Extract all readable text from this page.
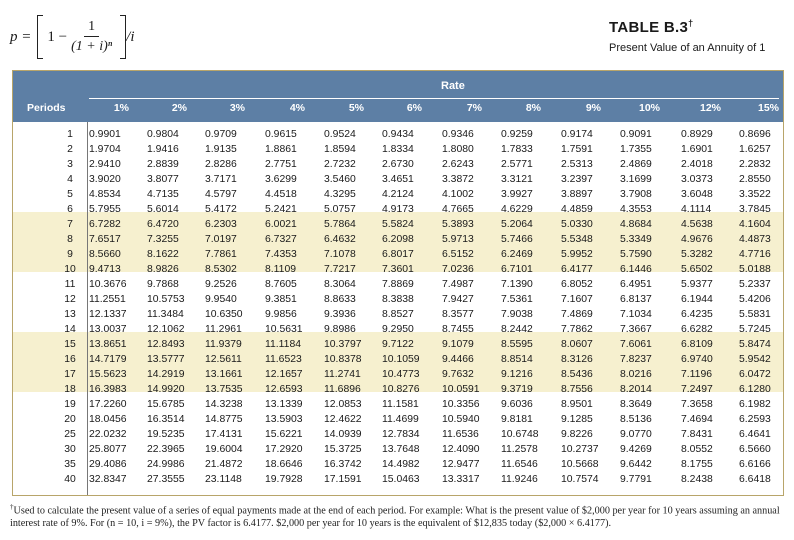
$p = 1 - \frac{1}{\text{(1 + i)ⁿ}} /i$
TABLE B.3†
Present Value of an Annuity of 1
Rate
Periods	1%	2%	3%	4%	5%	6%	7%	8%	9%	10%	12%	15%
1	0.9901	0.9804	0.9709	0.9615	0.9524	0.9434	0.9346	0.9259	0.9174	0.9091	0.8929	0.8696
2	1.9704	1.9416	1.9135	1.8861	1.8594	1.8334	1.8080	1.7833	1.7591	1.7355	1.6901	1.6257
3	2.9410	2.8839	2.8286	2.7751	2.7232	2.6730	2.6243	2.5771	2.5313	2.4869	2.4018	2.2832
4	3.9020	3.8077	3.7171	3.6299	3.5460	3.4651	3.3872	3.3121	3.2397	3.1699	3.0373	2.8550
5	4.8534	4.7135	4.5797	4.4518	4.3295	4.2124	4.1002	3.9927	3.8897	3.7908	3.6048	3.3522
6	5.7955	5.6014	5.4172	5.2421	5.0757	4.9173	4.7665	4.6229	4.4859	4.3553	4.1114	3.7845
7	6.7282	6.4720	6.2303	6.0021	5.7864	5.5824	5.3893	5.2064	5.0330	4.8684	4.5638	4.1604
8	7.6517	7.3255	7.0197	6.7327	6.4632	6.2098	5.9713	5.7466	5.5348	5.3349	4.9676	4.4873
9	8.5660	8.1622	7.7861	7.4353	7.1078	6.8017	6.5152	6.2469	5.9952	5.7590	5.3282	4.7716
10	9.4713	8.9826	8.5302	8.1109	7.7217	7.3601	7.0236	6.7101	6.4177	6.1446	5.6502	5.0188
11	10.3676 9.7868	9.2526	8.7605	8.3064	7.8869	7.4987	7.1390	6.8052	6.4951	5.9377	5.2337
12	11.2551 10.5753 9.9540	9.3851	8.8633	8.3838	7.9427	7.5361	7.1607	6.8137	6.1944	5.4206
13	12.1337 11.3484 10.6350 9.9856	9.3936	8.8527	8.3577	7.9038	7.4869	7.1034	6.4235	5.5831
14	13.0037 12.1062 11.2961 10.5631 9.8986	9.2950	8.7455	8.2442	7.7862	7.3667	6.6282	5.7245
15	13.8651 12.8493 11.9379 11.1184 10.3797 9.7122	9.1079	8.5595	8.0607	7.6061	6.8109	5.8474
16	14.7179 13.5777 12.5611 11.6523 10.8378 10.1059 9.4466	8.8514	8.3126	7.8237	6.9740	5.9542
17	15.5623 14.2919 13.1661 12.1657 11.2741 10.4773 9.7632	9.1216	8.5436	8.0216	7.1196	6.0472
18	16.3983 14.9920 13.7535 12.6593 11.6896 10.8276 10.0591 9.3719	8.7556	8.2014	7.2497	6.1280
19	17.2260 15.6785 14.3238 13.1339 12.0853 11.1581 10.3356 9.6036	8.9501	8.3649	7.3658	6.1982
20	18.0456 16.3514 14.8775 13.5903 12.4622 11.4699 10.5940 9.8181	9.1285	8.5136	7.4694	6.2593
25	22.0232 19.5235 17.4131 15.6221 14.0939 12.7834 11.6536 10.6748 9.8226	9.0770	7.8431	6.4641
30	25.8077 22.3965 19.6004 17.2920 15.3725 13.7648 12.4090 11.2578 10.2737 9.4269	8.0552	6.5660
35	29.4086 24.9986 21.4872 18.6646 16.3742 14.4982 12.9477 11.6546 10.5668 9.6442	8.1755	6.6166
40	32.8347 27.3555 23.1148 19.7928 17.1591 15.0463 13.3317 11.9246 10.7574 9.7791	8.2438	6.6418
†Used to calculate the present value of a series of equal payments made at the end of each period. For example: What is the present value of $2,000 per year for 10 years assuming an annual interest rate of 9%. For (n = 10, i = 9%), the PV factor is 6.4177. $2,000 per year for 10 years is the equivalent of $12,835 today ($2,000 × 6.4177).
